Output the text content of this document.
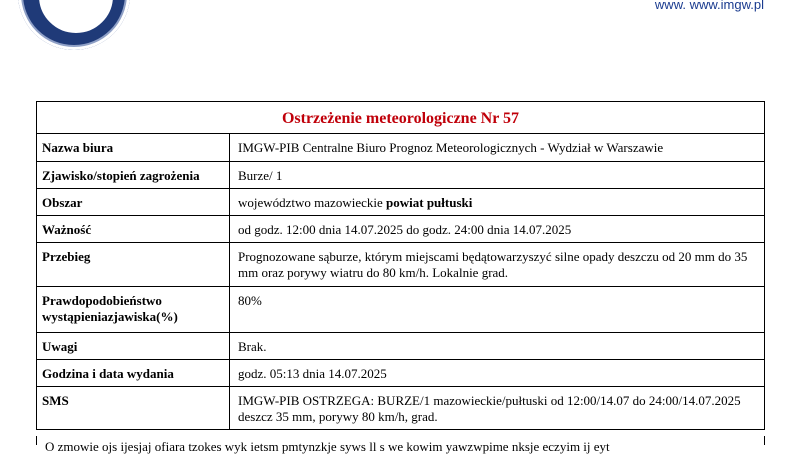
www. www.imgw.pl
Ostrzeżenie meteorologiczne Nr 57
Nazwa biura	IMGW-PIB Centralne Biuro Prognoz Meteorologicznych - Wydział w Warszawie
Zjawisko/stopień zagrożenia	Burze/ 1
Obszar	województwo mazowieckie powiat pułtuski
Ważność	od godz. 12:00 dnia 14.07.2025 do godz. 24:00 dnia 14.07.2025
Przebieg	Prognozowane sąburze, którym miejscami będątowarzyszyć silne opady deszczu od 20 mm do 35 mm oraz porywy wiatru do 80 km/h. Lokalnie grad.
Prawdopodobieństwo wystąpieniazjawiska(%)	80%
Uwagi	Brak.
Godzina i data wydania	godz. 05:13 dnia 14.07.2025
SMS	IMGW-PIB OSTRZEGA: BURZE/1 mazowieckie/pułtuski od 12:00/14.07 do 24:00/14.07.2025 deszcz 35 mm, porywy 80 km/h, grad.
O zmowie ojs ijesjaj ofiara tzokes wyk ietsm pmtynzkje syws ll s we kowim yawzwpime nksje eczyim ij eyt
